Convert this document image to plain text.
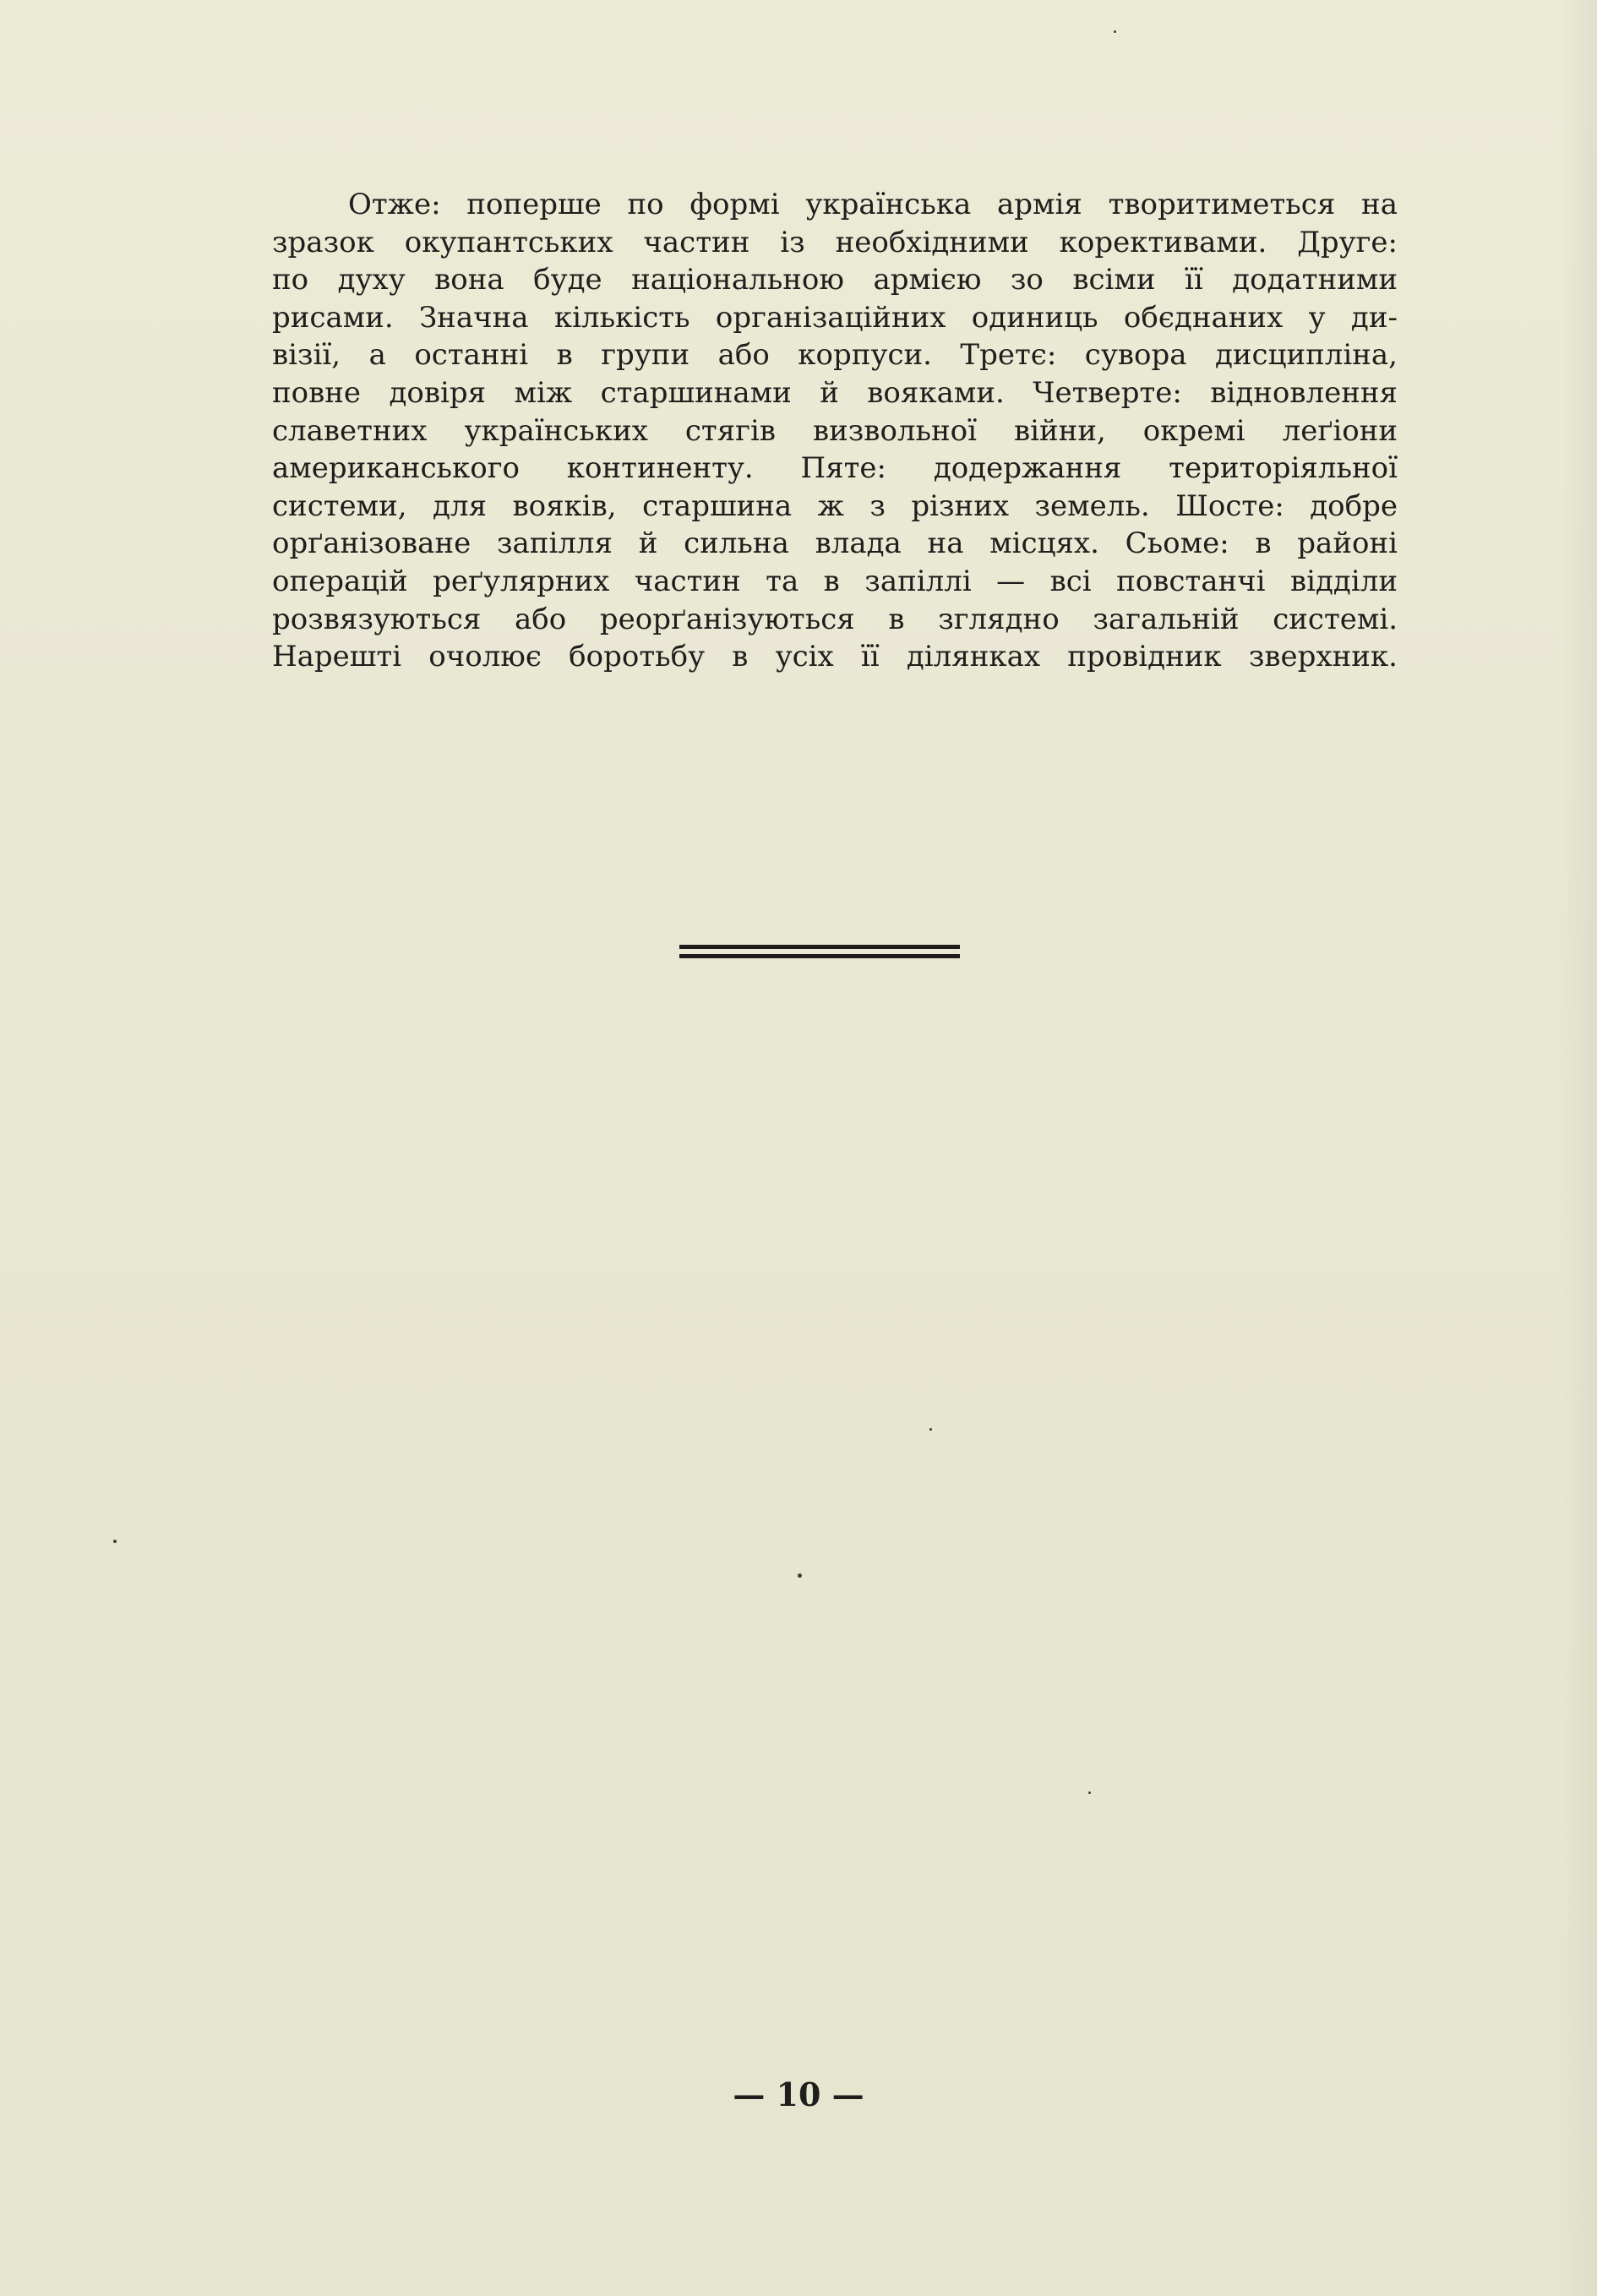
Отже: поперше по формі українська армія творитиметься на
зразок окупантських частин із необхідними корективами. Друге:
по духу вона буде національною армією зо всіми її додатними
рисами. Значна кількість організаційних одиниць обєднаних у ди-
візії, а останні в групи або корпуси. Третє: сувора дисципліна,
повне довіря між старшинами й вояками. Четверте: відновлення
славетних українських стягів визвольної війни, окремі леґіони
американського континенту. Пяте: додержання територіяльної
системи, для вояків, старшина ж з різних земель. Шосте: добре
орґанізоване запілля й сильна влада на місцях. Сьоме: в районі
операцій реґулярних частин та в запіллі — всі повстанчі відділи
розвязуються або реорґанізуються в зглядно загальній системі.
Нарешті очолює боротьбу в усіх її ділянках провідник зверхник.
— 10 —
